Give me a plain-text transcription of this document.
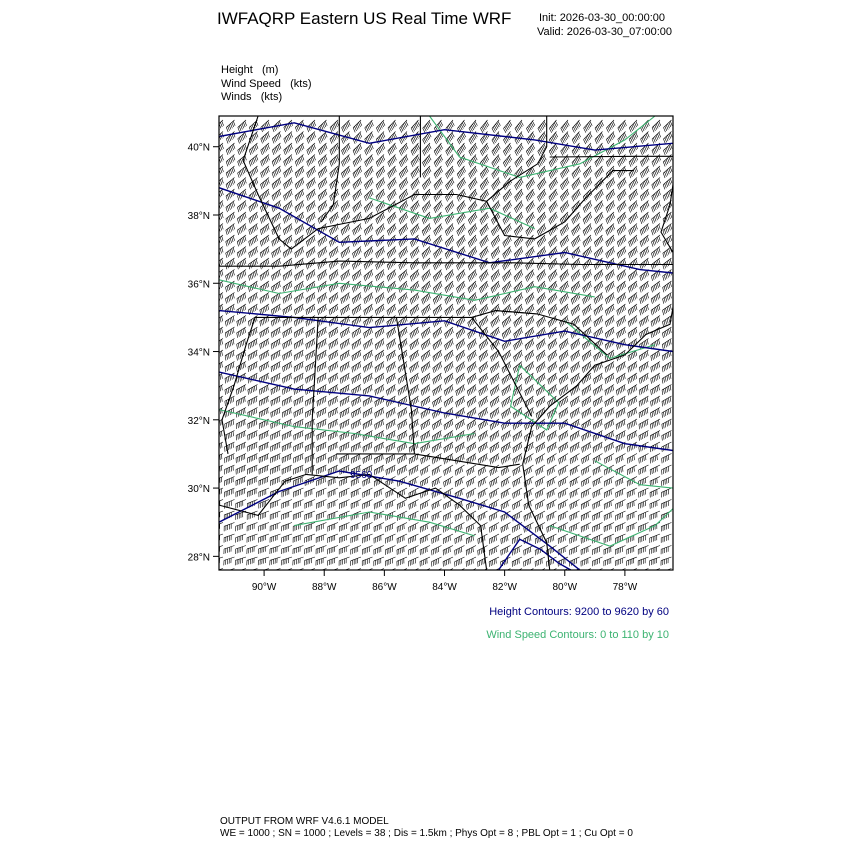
9560
28°N
30°N
32°N
34°N
36°N
38°N
40°N
90°W	88°W	86°W	84°W	82°W	80°W	78°W
IWFAQRP Eastern US Real Time WRF	Init: 2026-03-30_00:00:00
Valid: 2026-03-30_07:00:00
Height (m)
Wind Speed (kts)
Winds (kts)
Height Contours: 9200 to 9620 by 60
Wind Speed Contours: 0 to 110 by 10
OUTPUT FROM WRF V4.6.1 MODEL
WE = 1000 ; SN = 1000 ; Levels = 38 ; Dis = 1.5km ; Phys Opt = 8 ; PBL Opt = 1 ; Cu Opt = 0
